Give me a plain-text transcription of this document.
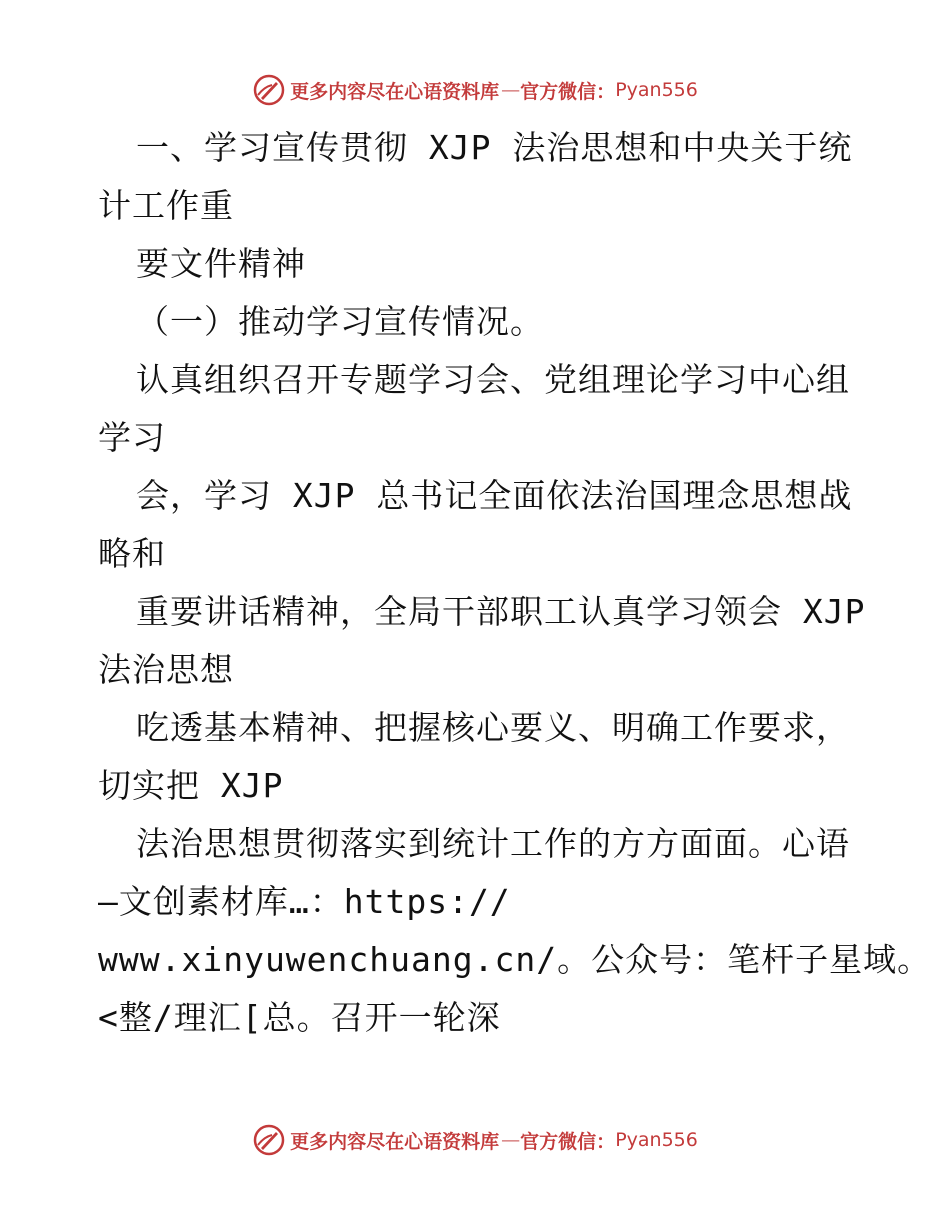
更多内容尽在心语资料库 — 官方微信： Pyan556
一、学习宣传贯彻 XJP 法治思想和中央关于统
计工作重
要文件精神
（一）推动学习宣传情况。
认真组织召开专题学习会、党组理论学习中心组
学习
会，学习 XJP 总书记全面依法治国理念思想战
略和
重要讲话精神，全局干部职工认真学习领会 XJP
法治思想
吃透基本精神、把握核心要义、明确工作要求，
切实把 XJP
法治思想贯彻落实到统计工作的方方面面。心语
—文创素材库…：https://
www.xinyuwenchuang.cn/。公众号：笔杆子星域。
<整/理汇[总。召开一轮深
更多内容尽在心语资料库 — 官方微信： Pyan556
